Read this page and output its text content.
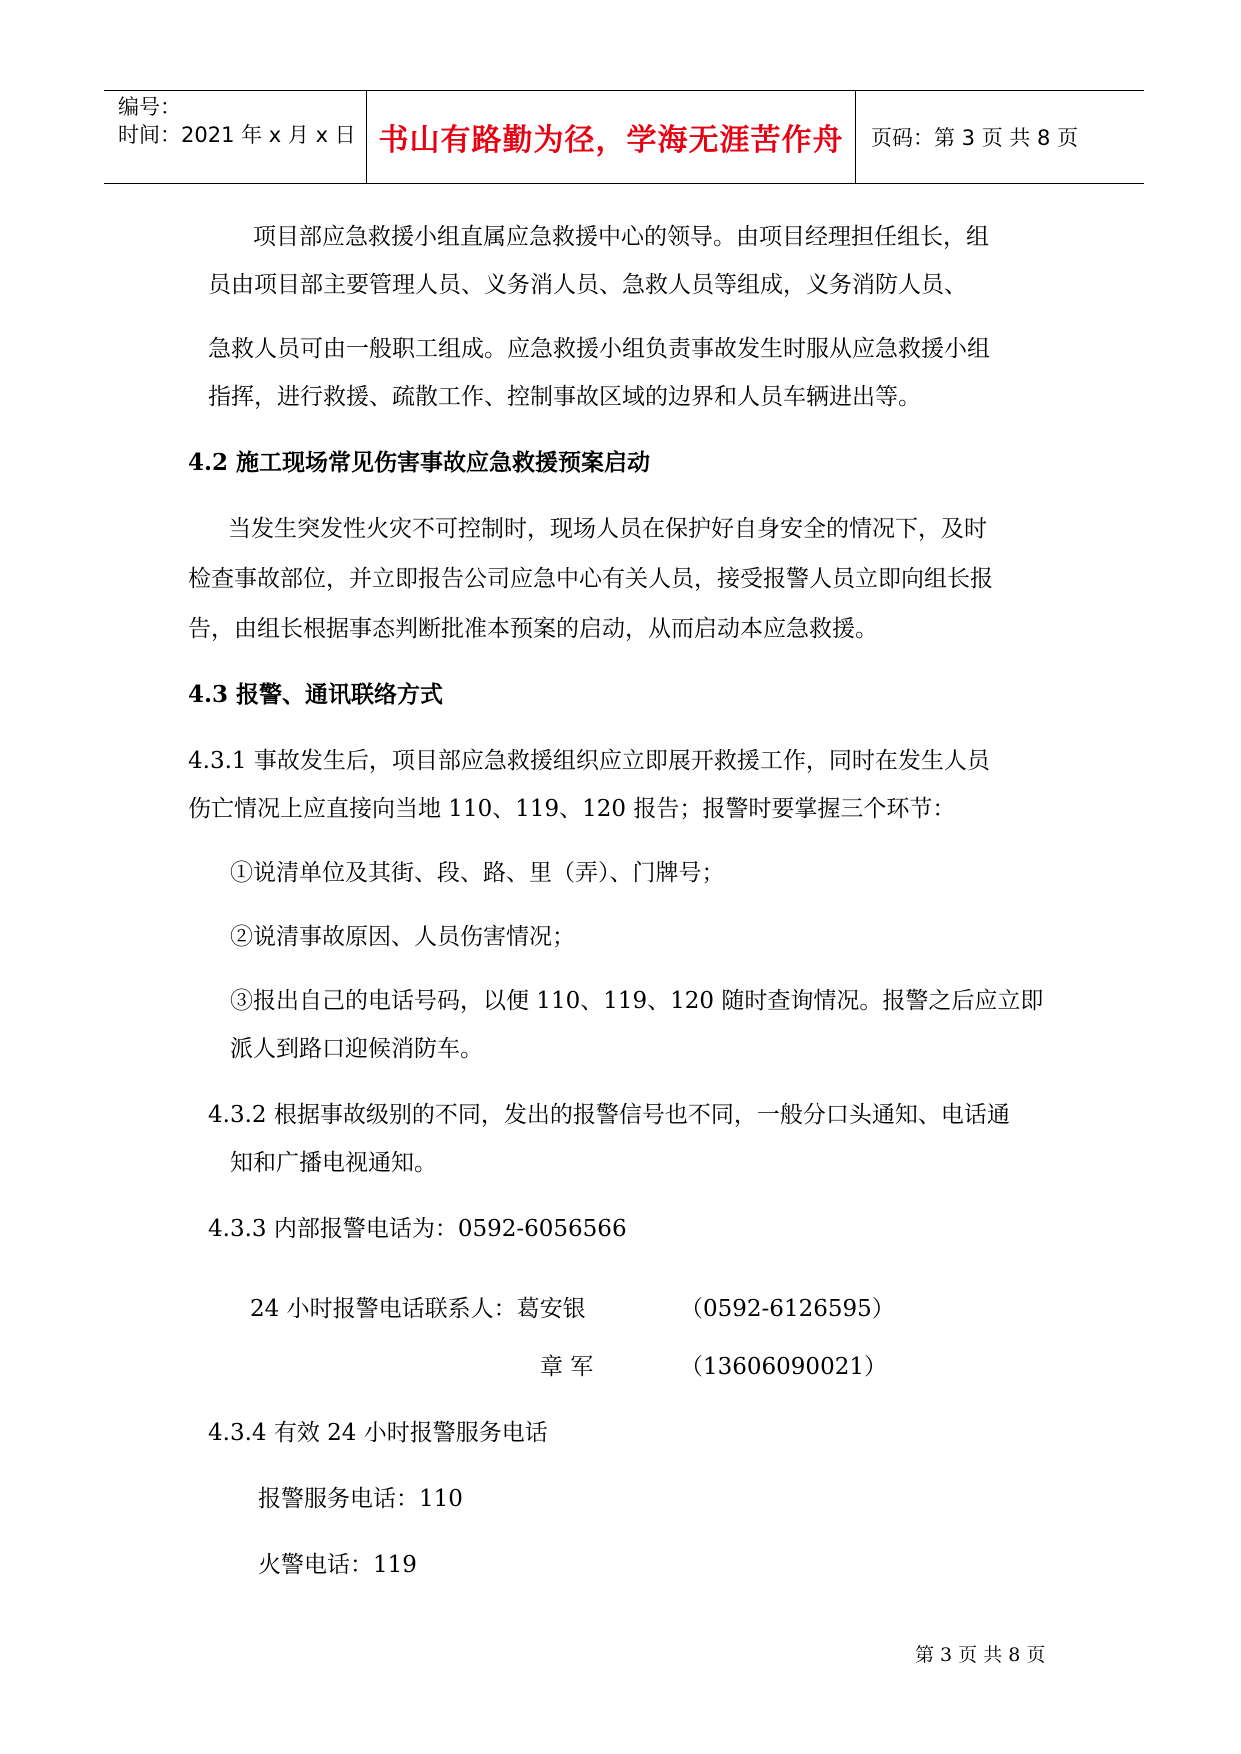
编号：
时间：2021 年 x 月 x 日 书山有路勤为径，学海无涯苦作舟 页码：第 3 页 共 8 页
项目部应急救援小组直属应急救援中心的领导。由项目经理担任组长，组
员由项目部主要管理人员、义务消人员、急救人员等组成，义务消防人员、
急救人员可由一般职工组成。应急救援小组负责事故发生时服从应急救援小组
指挥，进行救援、疏散工作、控制事故区域的边界和人员车辆进出等。
4.2 施工现场常见伤害事故应急救援预案启动
当发生突发性火灾不可控制时，现场人员在保护好自身安全的情况下，及时
检查事故部位，并立即报告公司应急中心有关人员，接受报警人员立即向组长报
告，由组长根据事态判断批准本预案的启动，从而启动本应急救援。
4.3 报警、通讯联络方式
4.3.1 事故发生后，项目部应急救援组织应立即展开救援工作，同时在发生人员
伤亡情况上应直接向当地 110、119、120 报告；报警时要掌握三个环节：
①说清单位及其街、段、路、里（弄）、门牌号；
②说清事故原因、人员伤害情况；
③报出自己的电话号码，以便 110、119、120 随时查询情况。报警之后应立即
派人到路口迎候消防车。
4.3.2 根据事故级别的不同，发出的报警信号也不同，一般分口头通知、电话通
知和广播电视通知。
4.3.3 内部报警电话为：0592-6056566
24 小时报警电话联系人：葛安银	（0592-6126595）
章 军	（13606090021）
4.3.4 有效 24 小时报警服务电话
报警服务电话：110
火警电话：119
第 3 页 共 8 页
